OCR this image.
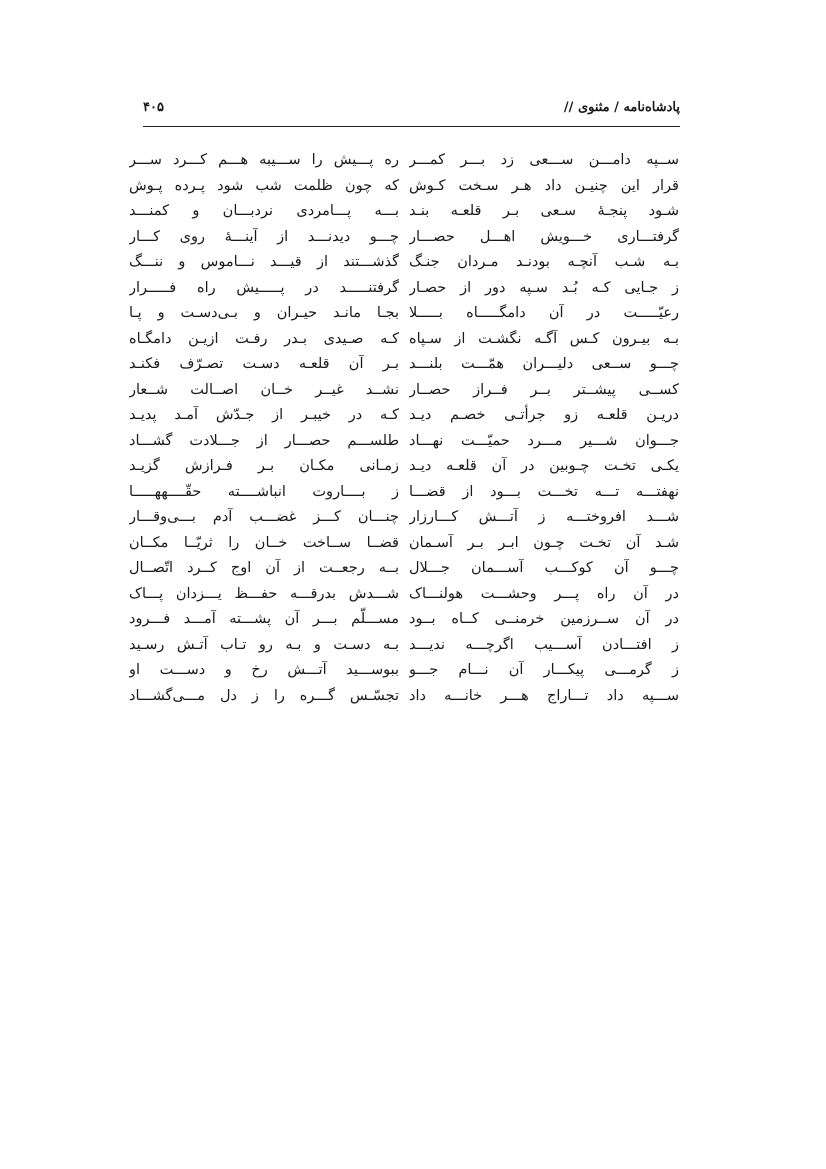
پادشاه‌نامه / مثنوی //
۴۰۵
ســپه دامـــن ســـعی زد بـــر کمـــر
قرار این چنیـن داد هـر سـخت کـوش
شـود پنجـهٔ سـعی بـر قلعـه بنـد
گرفتـــاری خـــویش اهـــل حصـــار
بـه شـب آنچـه بودنـد مـردان جنـگ
ز جـایی کـه بُـد سـپه دور از حصـار
رعیّـــــت در آن دامگـــــاه بـــــلا
بـه بیـرون کـس آگـه نگشـت از سـپاه
چـــو ســعی دلیـــران همّـــت بلنـــد
کســی پیشــتر بــر فــراز حصــار
دریـن قلعـه زو جرأتـی خصـم دیـد
جـــوان شـــیر مـــرد حمیّـــت نهـــاد
یکـی تخـت چـوبین در آن قلعـه دیـد
نهفتـــه تـــه تخـــت بـــود از قضـــا
شـــد افروختـــه ز آتـــش کـــارزار
شـد آن تخـت چـون ابـر بـر آسـمان
چـــو آن کوکـــب آســـمان جـــلال
در آن راه پـــر وحشـــت هولنـــاک
در آن ســرزمین خرمنــی کــاه بــود
ز افتـــادن آســـیب اگرچـــه ندیـــد
ز گرمـــی پیکـــار آن نـــام جـــو
ســـپه داد تـــاراج هـــر خانـــه داد
ره پـــیش را ســـیبه هـــم کـــرد ســـر
که چون ظلمت شب شود پـرده پـوش
بـــه پـــامردی نردبـــان و کمنـــد
چـــو دیدنـــد از آینـــهٔ روی کـــار
گذشـــتند از قیـــد نـــاموس و ننـــگ
گرفتنـــــد در پـــــیش راه فـــــرار
بجـا مانـد حیـران و بـی‌دسـت و پـا
کـه صـیدی بـدر رفـت ازیـن دامگـاه
بـر آن قلعـه دسـت تصـرّف فکنـد
نشــد غیــر خــان اصــالت شــعار
کـه در خیبـر از جـدّش آمـد پدیـد
طلســـم حصـــار از جـــلادت گشـــاد
زمـانی مکـان بـر فـرازش گزیـد
ز بــــاروت انباشــــته حقّــــههـــــا
چنـــان کـــز غضـــب آدم بـــی‌وقـــار
قضــا ســاخت خــان را ثریّــا مکــان
بــه رجعــت از آن اوج کــرد اتّصــال
شـــدش بدرقـــه حفـــظ یـــزدان پـــاک
مســـلّم بـــر آن پشـــته آمـــد فـــرود
بـه دسـت و بـه رو تـاب آتـش رسـید
ببوســـید آتـــش رخ و دســـت او
تجسّـس گـــره را ز دل مـــی‌گشـــاد
